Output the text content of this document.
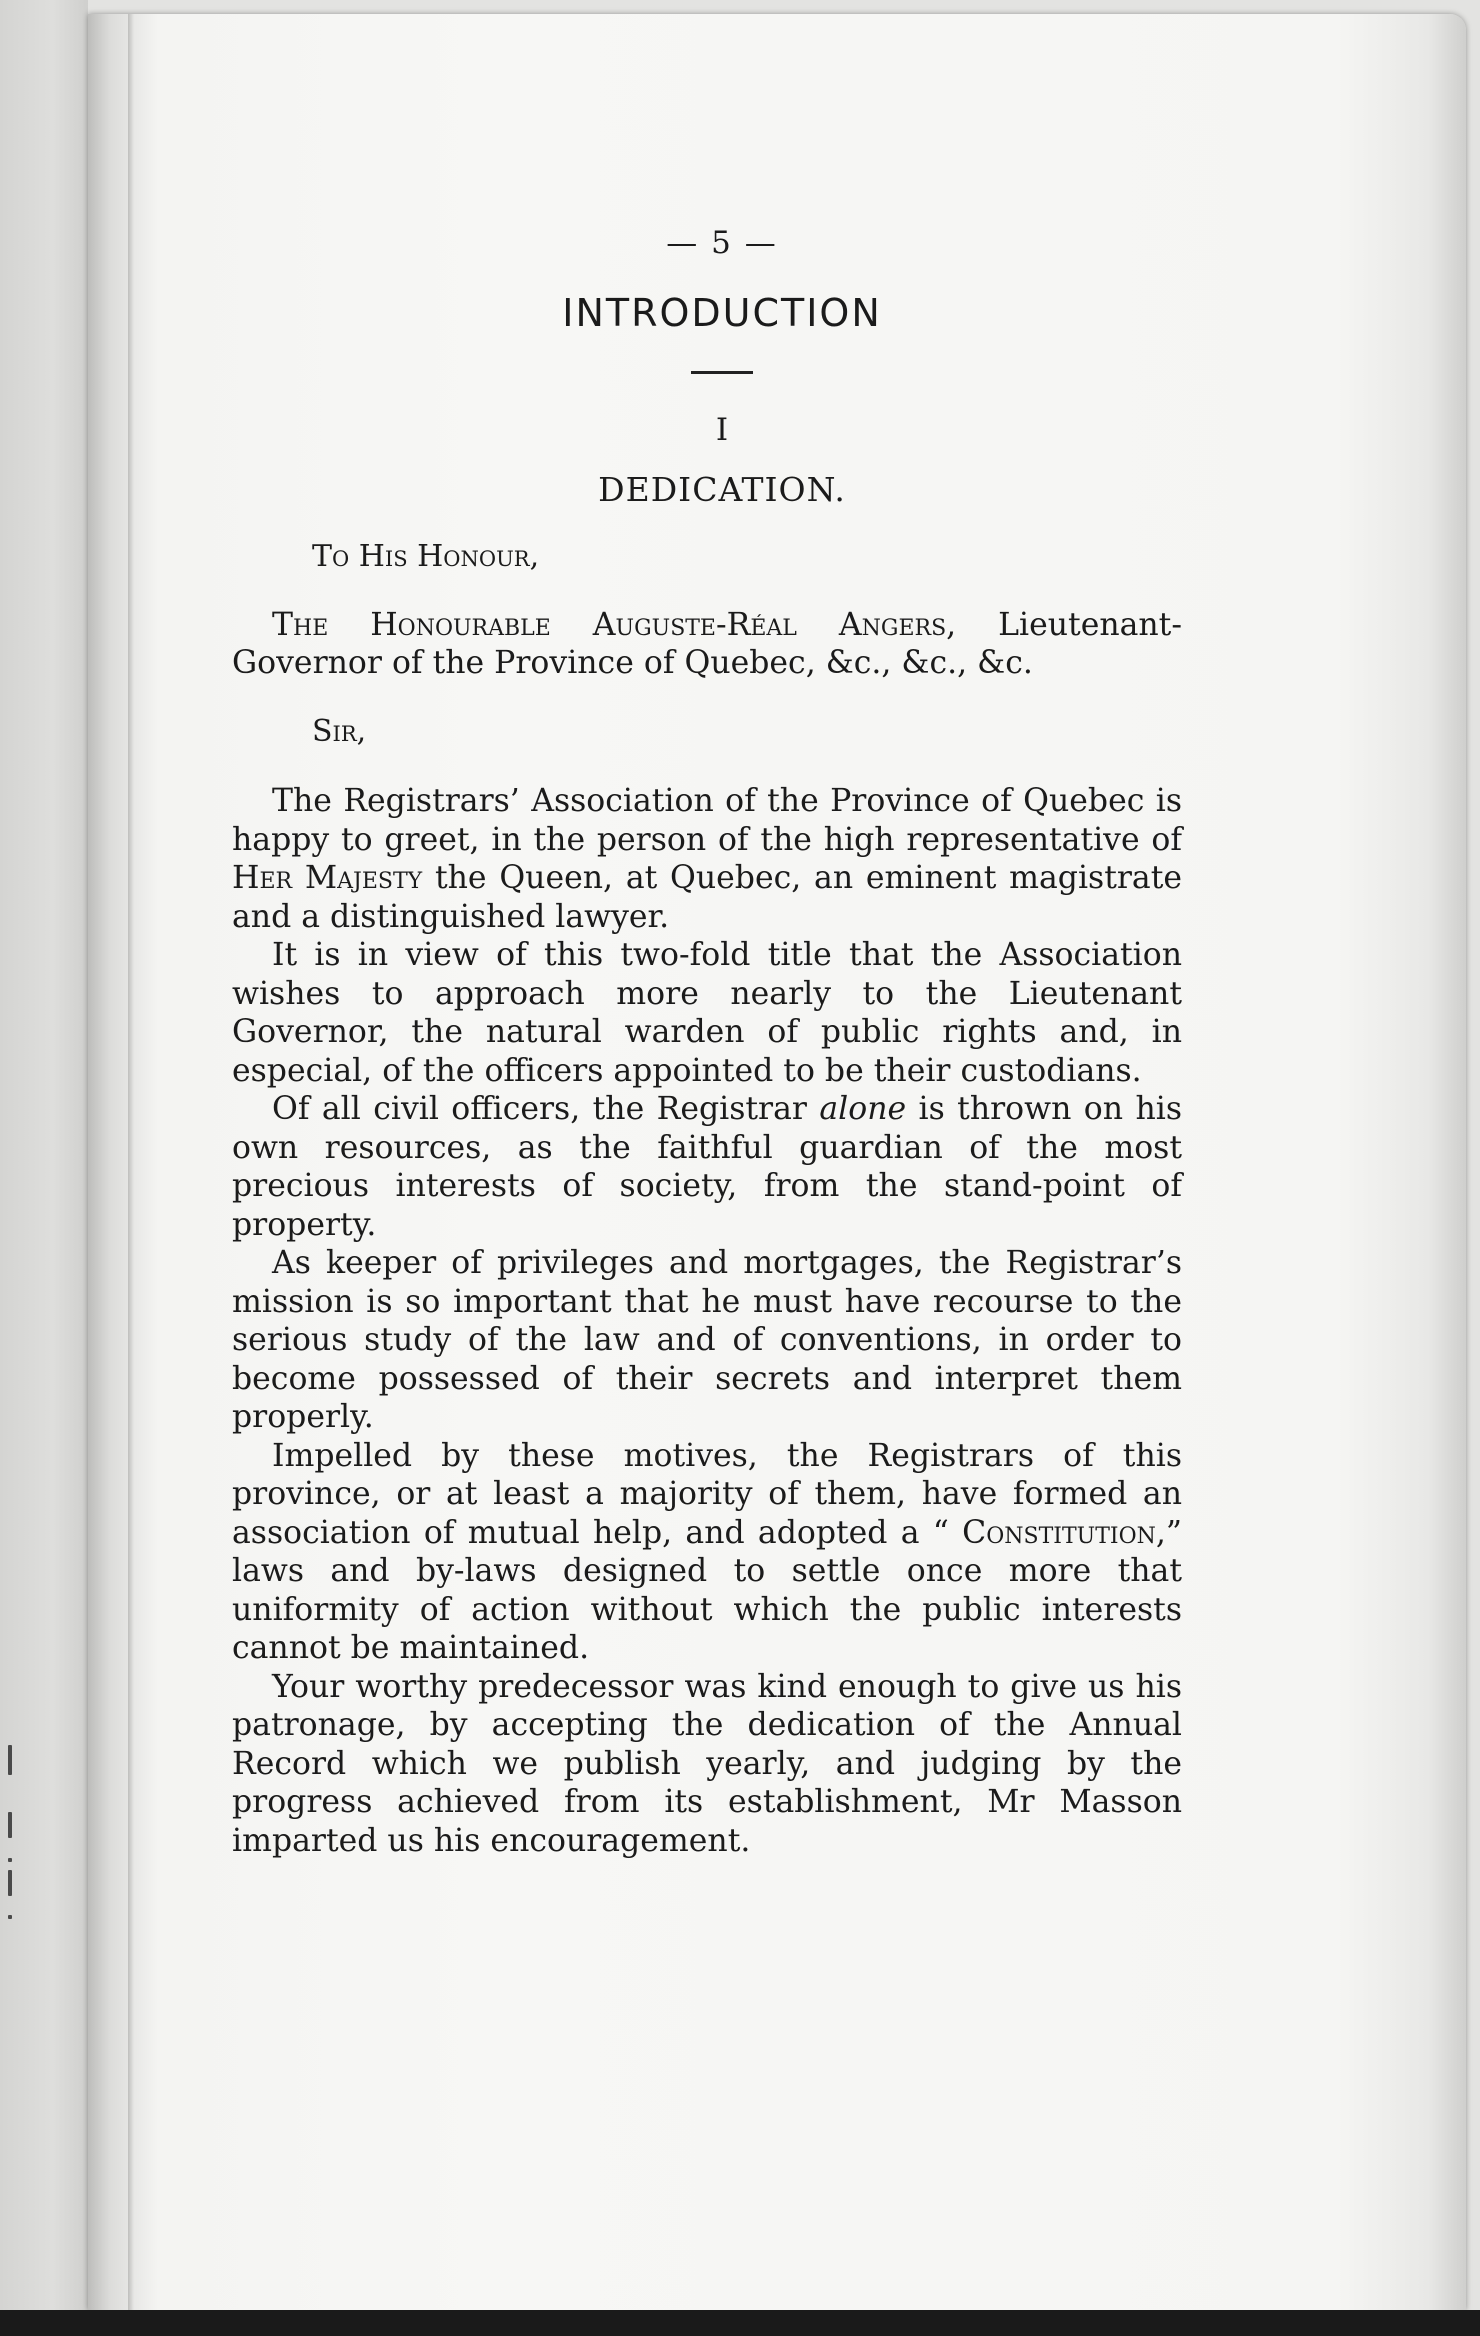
— 5 —
INTRODUCTION
I
DEDICATION.
To His Honour,

The Honourable Auguste-Réal Angers, Lieutenant-Governor of the Province of Quebec, &c., &c., &c.

Sir,

The Registrars’ Association of the Province of Quebec is happy to greet, in the person of the high representative of Her Majesty the Queen, at Quebec, an eminent magistrate and a distinguished lawyer.

It is in view of this two-fold title that the Association wishes to approach more nearly to the Lieutenant Governor, the natural warden of public rights and, in especial, of the officers appointed to be their custodians.

Of all civil officers, the Registrar alone is thrown on his own resources, as the faithful guardian of the most precious interests of society, from the stand-point of property.

As keeper of privileges and mortgages, the Registrar’s mission is so important that he must have recourse to the serious study of the law and of conventions, in order to become possessed of their secrets and interpret them properly.

Impelled by these motives, the Registrars of this province, or at least a majority of them, have formed an association of mutual help, and adopted a “ Constitution,” laws and by-laws designed to settle once more that uniformity of action without which the public interests cannot be maintained.

Your worthy predecessor was kind enough to give us his patronage, by accepting the dedication of the Annual Record which we publish yearly, and judging by the progress achieved from its establishment, Mr Masson imparted us his encouragement.
